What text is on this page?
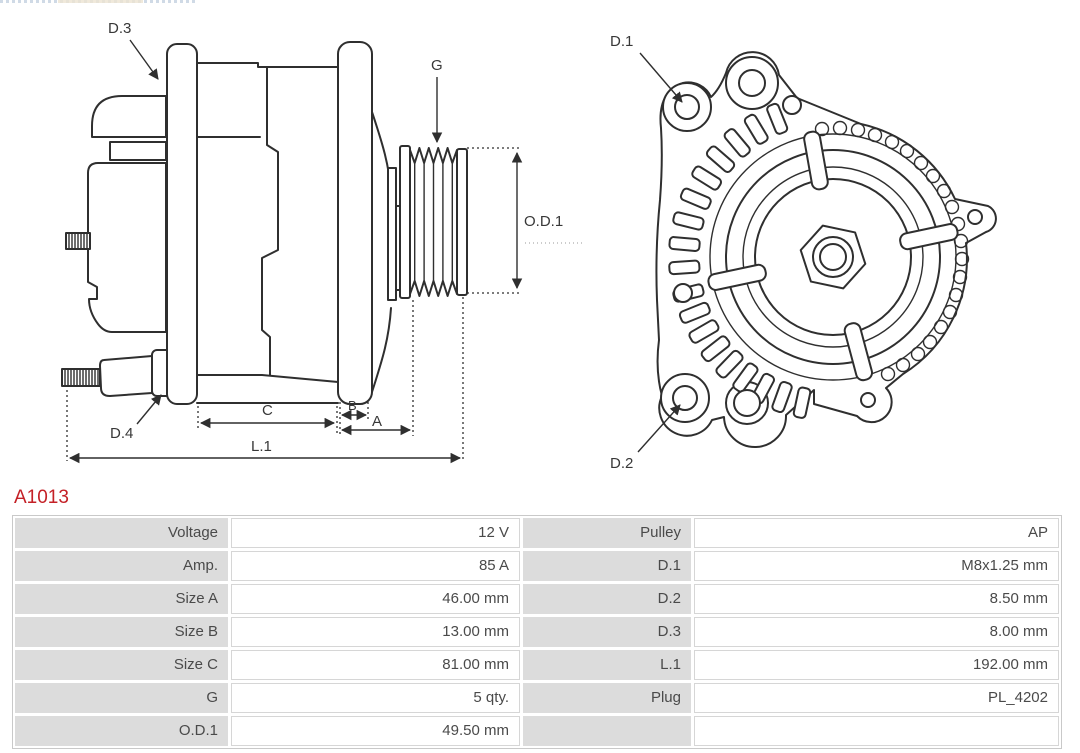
O.D.1
C	B
A
L.1
D.3
G
D.4
D.1
D.2
A1013
Voltage	12 V	Pulley	AP
Amp.	85 A	D.1	M8x1.25 mm
Size A	46.00 mm	D.2	8.50 mm
Size B	13.00 mm	D.3	8.00 mm
Size C	81.00 mm	L.1	192.00 mm
G	5 qty.	Plug	PL_4202
O.D.1	49.50 mm
